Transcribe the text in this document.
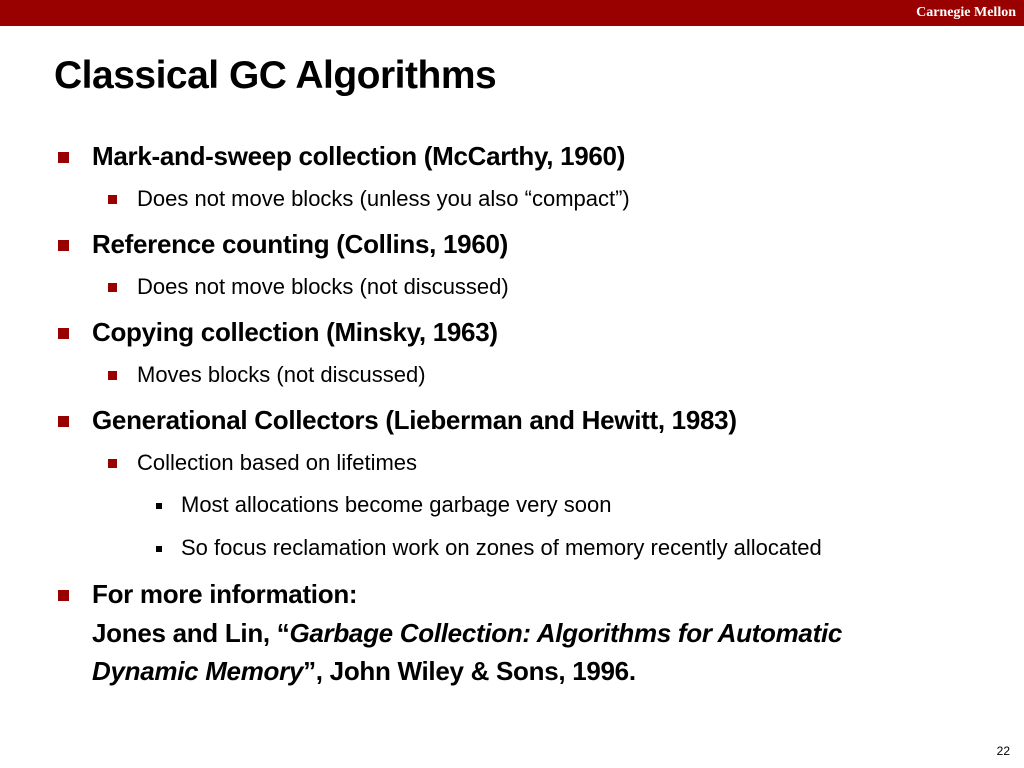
Carnegie Mellon
Classical GC Algorithms
Mark-and-sweep collection (McCarthy, 1960)
Does not move blocks (unless you also “compact”)
Reference counting (Collins, 1960)
Does not move blocks (not discussed)
Copying collection (Minsky, 1963)
Moves blocks (not discussed)
Generational Collectors (Lieberman and Hewitt, 1983)
Collection based on lifetimes
Most allocations become garbage very soon
So focus reclamation work on zones of memory recently allocated
For more information:
Jones and Lin, “Garbage Collection: Algorithms for Automatic
Dynamic Memory”, John Wiley & Sons, 1996.
22
